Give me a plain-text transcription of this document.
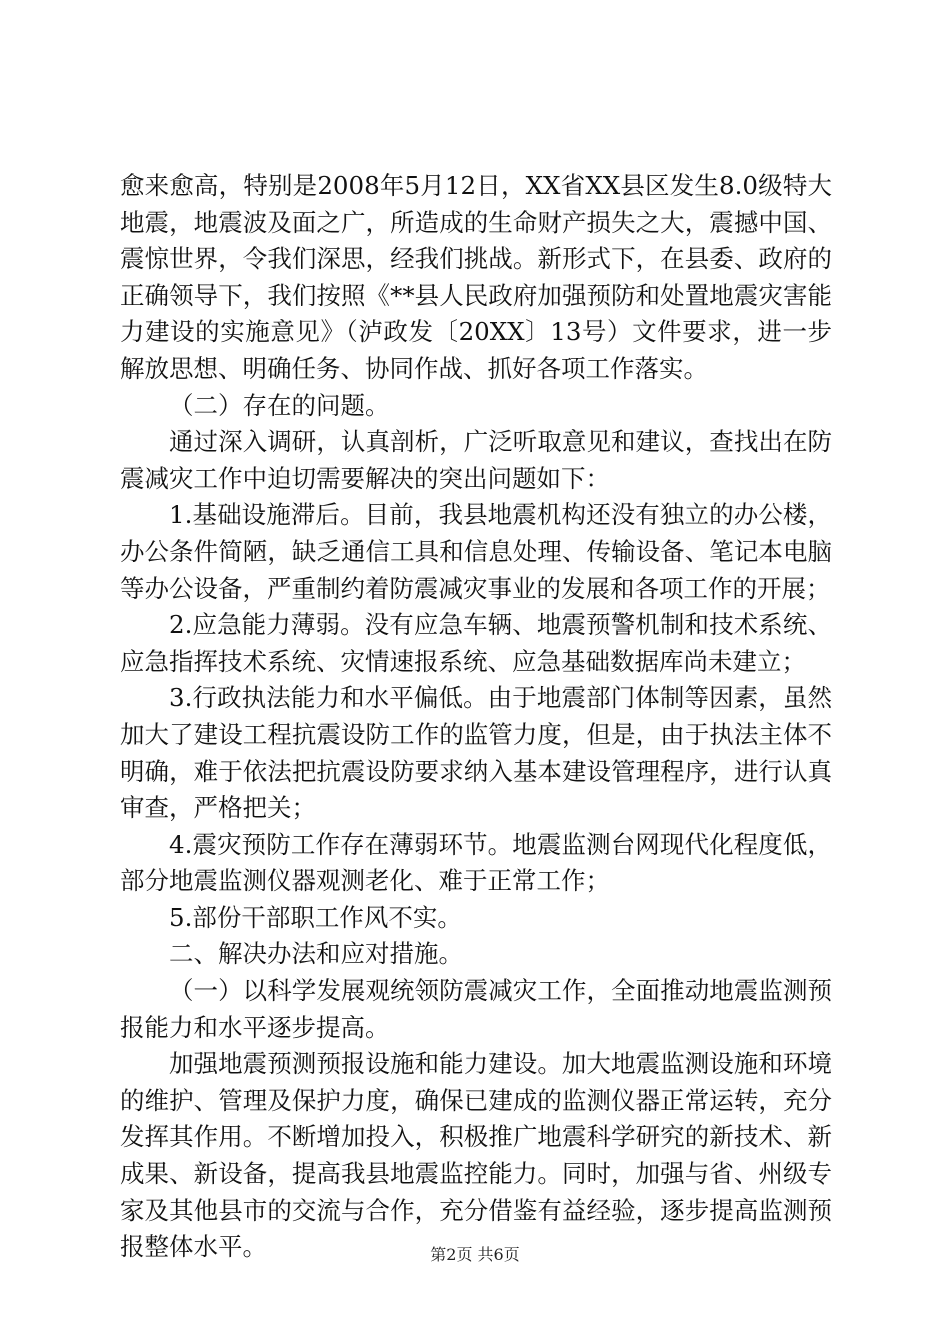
愈来愈高，特别是2008年5月12日，XX省XX县区发生8.0级特大地震，地震波及面之广，所造成的生命财产损失之大，震撼中国、震惊世界，令我们深思，经我们挑战。新形式下，在县委、政府的正确领导下，我们按照《**县人民政府加强预防和处置地震灾害能力建设的实施意见》（泸政发〔20XX〕13号）文件要求，进一步解放思想、明确任务、协同作战、抓好各项工作落实。

（二）存在的问题。

通过深入调研，认真剖析，广泛听取意见和建议，查找出在防震减灾工作中迫切需要解决的突出问题如下：

1.基础设施滞后。目前，我县地震机构还没有独立的办公楼，办公条件简陋，缺乏通信工具和信息处理、传输设备、笔记本电脑等办公设备，严重制约着防震减灾事业的发展和各项工作的开展；

2.应急能力薄弱。没有应急车辆、地震预警机制和技术系统、应急指挥技术系统、灾情速报系统、应急基础数据库尚未建立；

3.行政执法能力和水平偏低。由于地震部门体制等因素，虽然加大了建设工程抗震设防工作的监管力度，但是，由于执法主体不明确，难于依法把抗震设防要求纳入基本建设管理程序，进行认真审查，严格把关；

4.震灾预防工作存在薄弱环节。地震监测台网现代化程度低，部分地震监测仪器观测老化、难于正常工作；

5.部份干部职工作风不实。

二、解决办法和应对措施。

（一）以科学发展观统领防震减灾工作，全面推动地震监测预报能力和水平逐步提高。

加强地震预测预报设施和能力建设。加大地震监测设施和环境的维护、管理及保护力度，确保已建成的监测仪器正常运转，充分发挥其作用。不断增加投入，积极推广地震科学研究的新技术、新成果、新设备，提高我县地震监控能力。同时，加强与省、州级专家及其他县市的交流与合作，充分借鉴有益经验，逐步提高监测预报整体水平。	第2页 共6页
